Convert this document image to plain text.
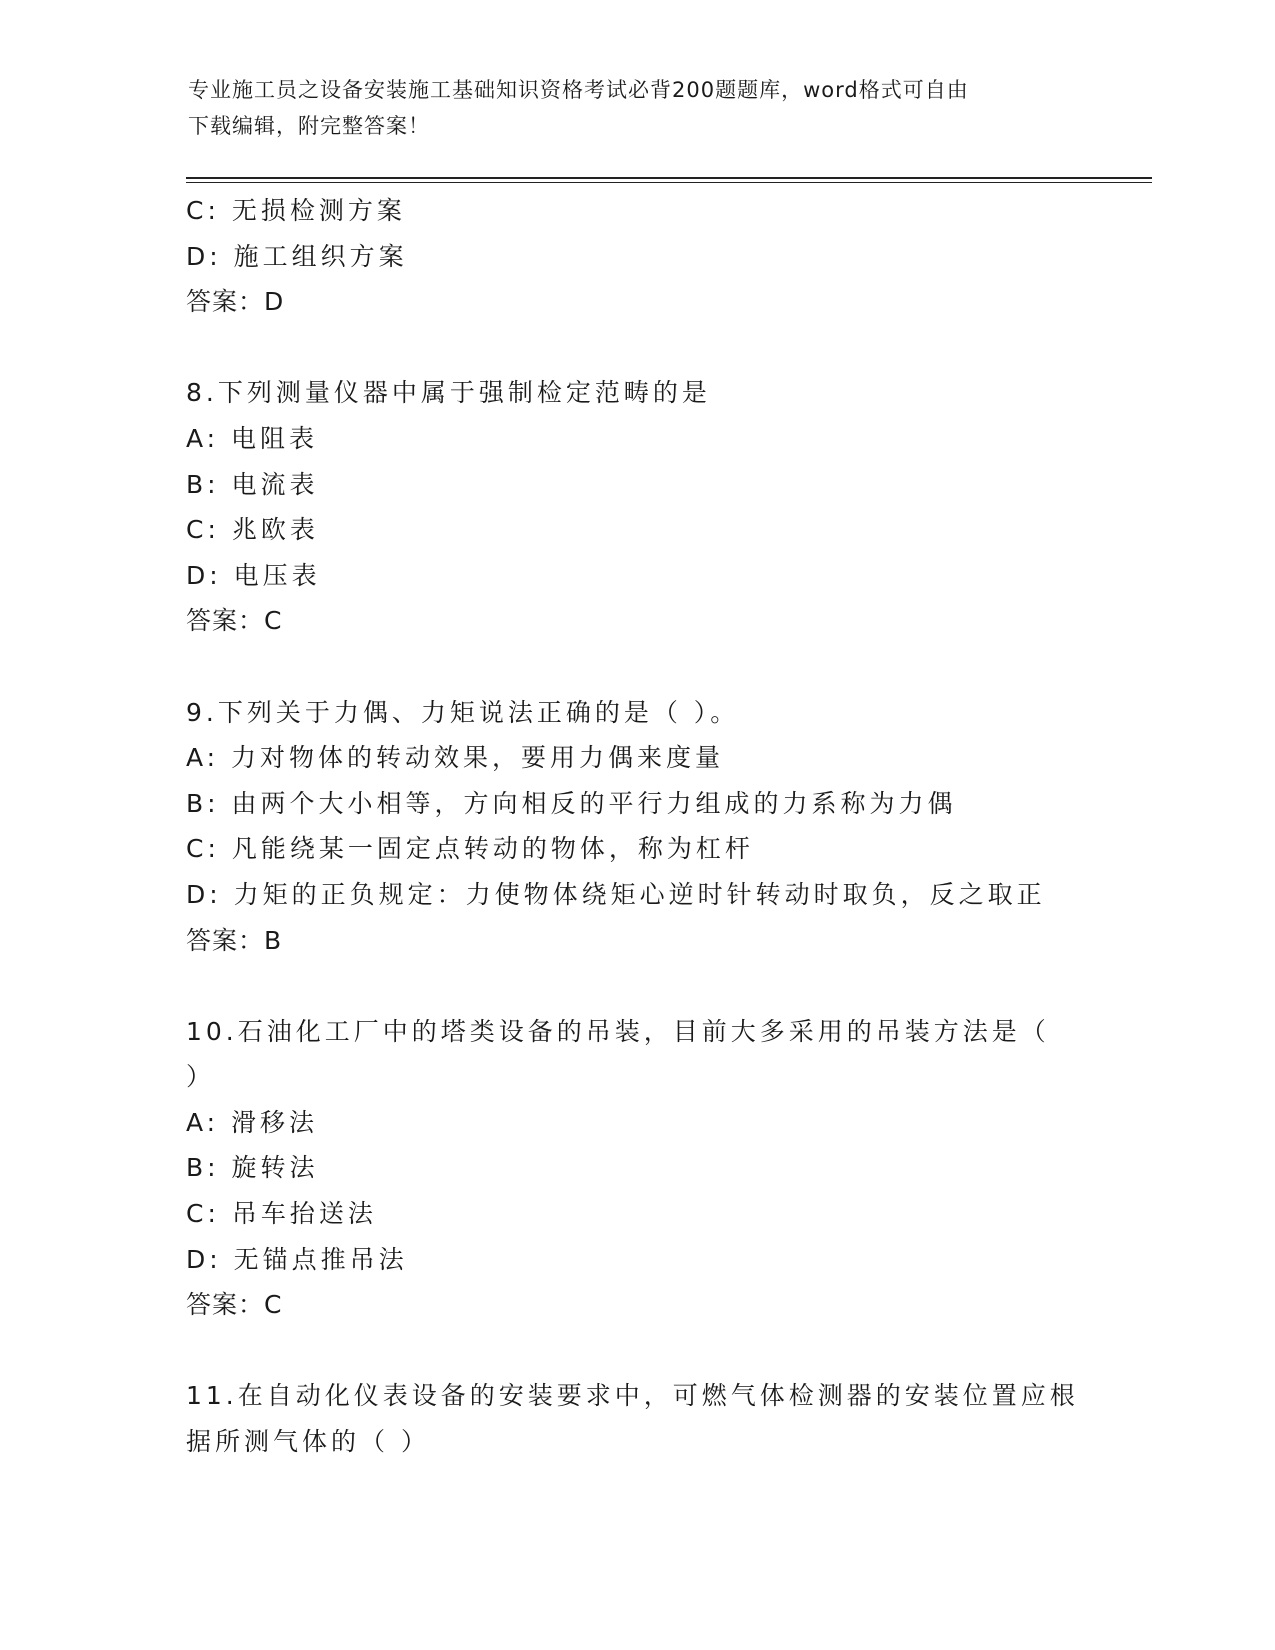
专业施工员之设备安装施工基础知识资格考试必背200题题库，word格式可自由
下载编辑，附完整答案！
C: 无损检测方案
D: 施工组织方案
答案：D
8.下列测量仪器中属于强制检定范畴的是
A: 电阻表
B: 电流表
C: 兆欧表
D: 电压表
答案：C
9.下列关于力偶、力矩说法正确的是（ ）。
A: 力对物体的转动效果，要用力偶来度量
B: 由两个大小相等，方向相反的平行力组成的力系称为力偶
C: 凡能绕某一固定点转动的物体，称为杠杆
D: 力矩的正负规定：力使物体绕矩心逆时针转动时取负，反之取正
答案：B
10.石油化工厂中的塔类设备的吊装，目前大多采用的吊装方法是（
）
A: 滑移法
B: 旋转法
C: 吊车抬送法
D: 无锚点推吊法
答案：C
11.在自动化仪表设备的安装要求中，可燃气体检测器的安装位置应根
据所测气体的（ ）
